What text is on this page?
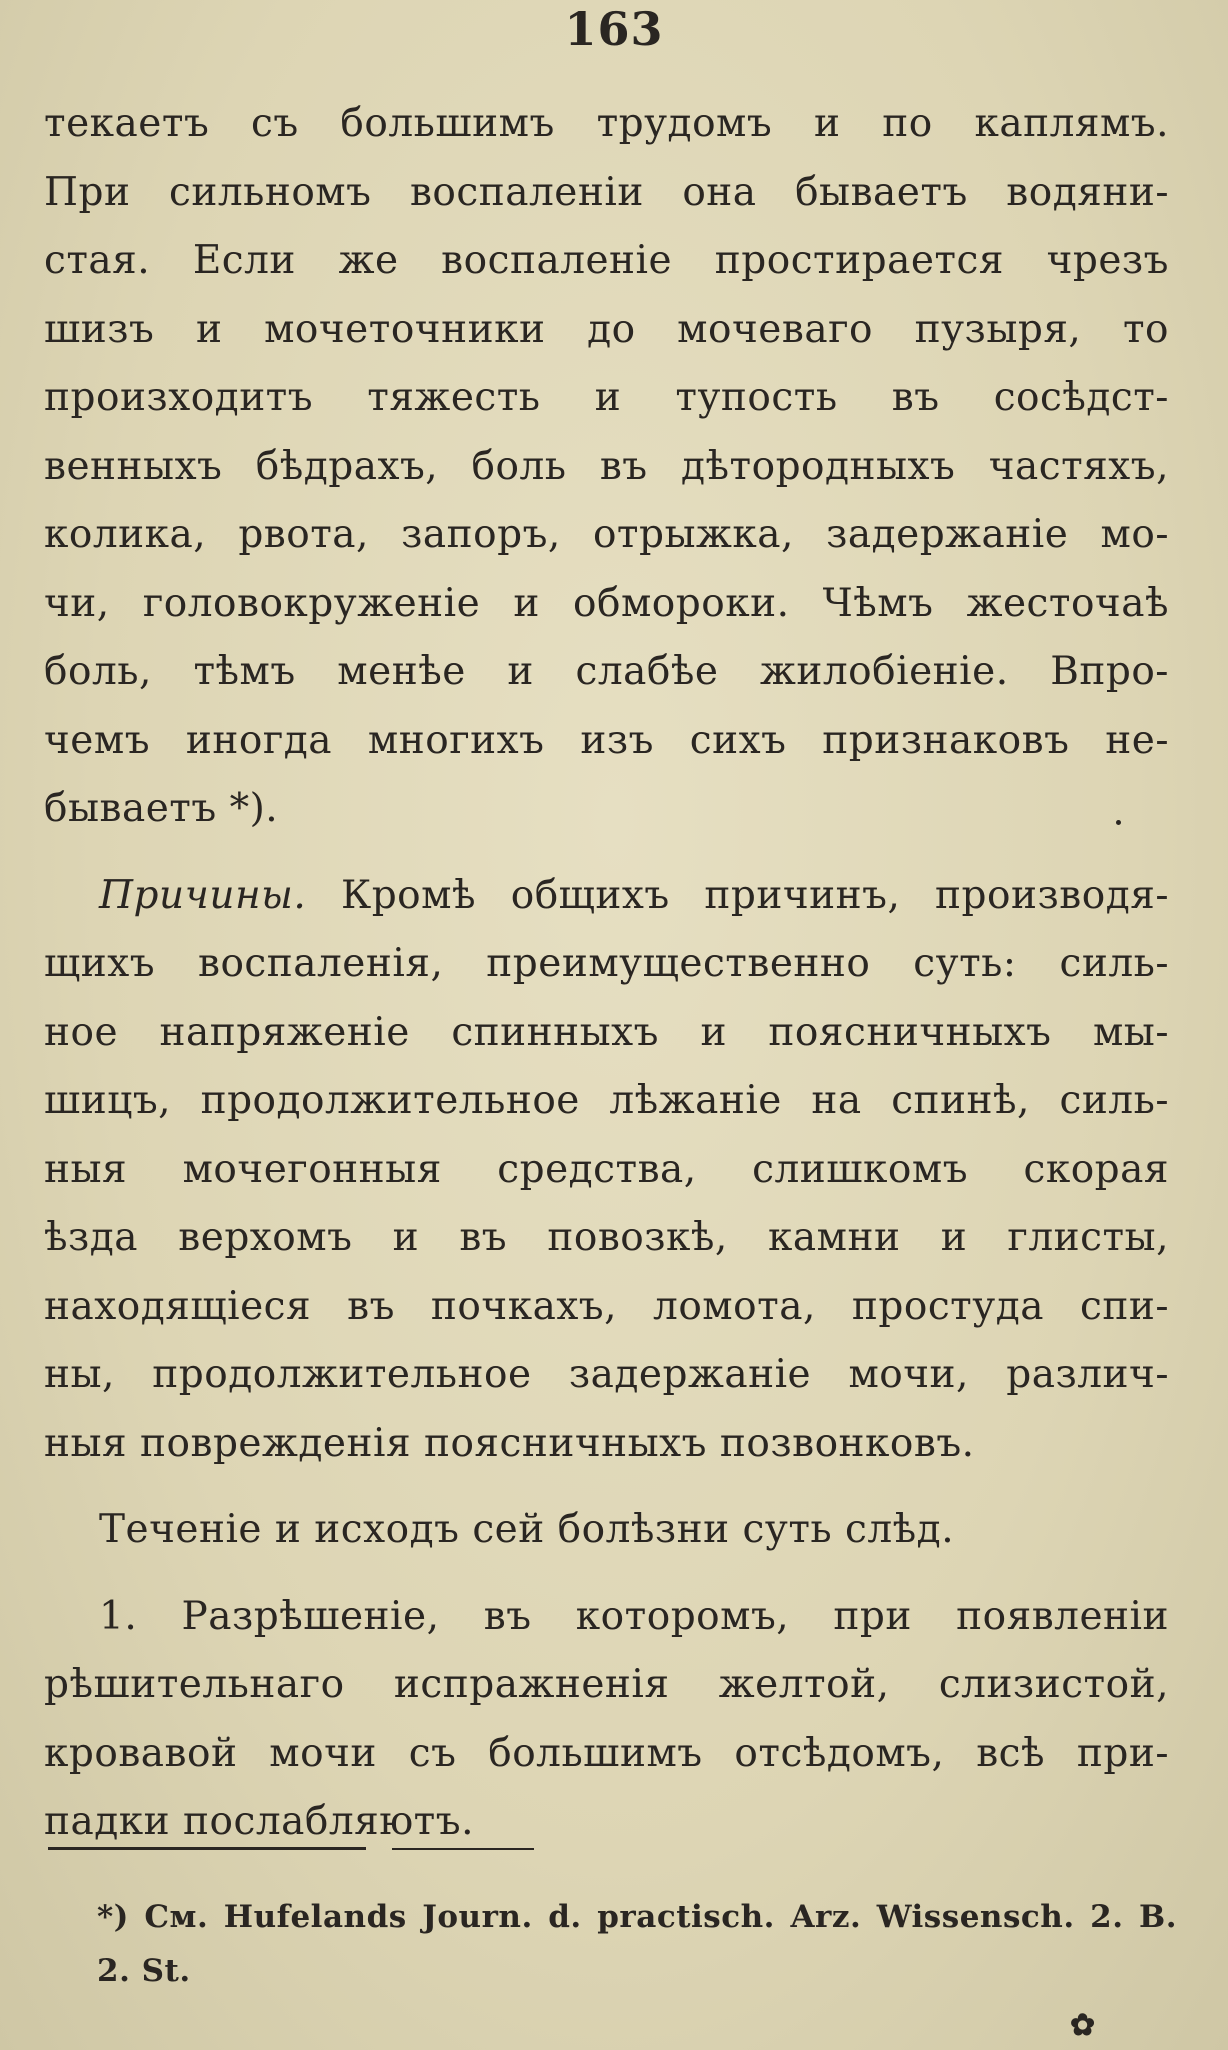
163
текаетъ съ большимъ трудомъ и по каплямъ.
При сильномъ воспаленіи она бываетъ водяни-
стая. Если же воспаленіе простирается чрезъ
шизъ и мочеточники до мочеваго пузыря, то
произходитъ тяжесть и тупость въ сосѣдст-
венныхъ бѣдрахъ, боль въ дѣтородныхъ частяхъ,
колика, рвота, запоръ, отрыжка, задержаніе мо-
чи, головокруженіе и обмороки. Чѣмъ жесточаѣ
боль, тѣмъ менѣе и слабѣе жилобіеніе. Впро-
чемъ иногда многихъ изъ сихъ признаковъ не-
бываетъ *).
Причины. Кромѣ общихъ причинъ, производя-
щихъ воспаленія, преимущественно суть: силь-
ное напряженіе спинныхъ и поясничныхъ мы-
шицъ, продолжительное лѣжаніе на спинѣ, силь-
ныя мочегонныя средства, слишкомъ скорая
ѣзда верхомъ и въ повозкѣ, камни и глисты,
находящіеся въ почкахъ, ломота, простуда спи-
ны, продолжительное задержаніе мочи, различ-
ныя поврежденія поясничныхъ позвонковъ.
Теченіе и исходъ сей болѣзни суть слѣд.
1. Разрѣшеніе, въ которомъ, при появленіи
рѣшительнаго испражненія желтой, слизистой,
кровавой мочи съ большимъ отсѣдомъ, всѣ при-
падки послабляютъ.
*) См. Hufelands Journ. d. practisch. Arz. Wissensch. 2. B.
2. St.
✿
